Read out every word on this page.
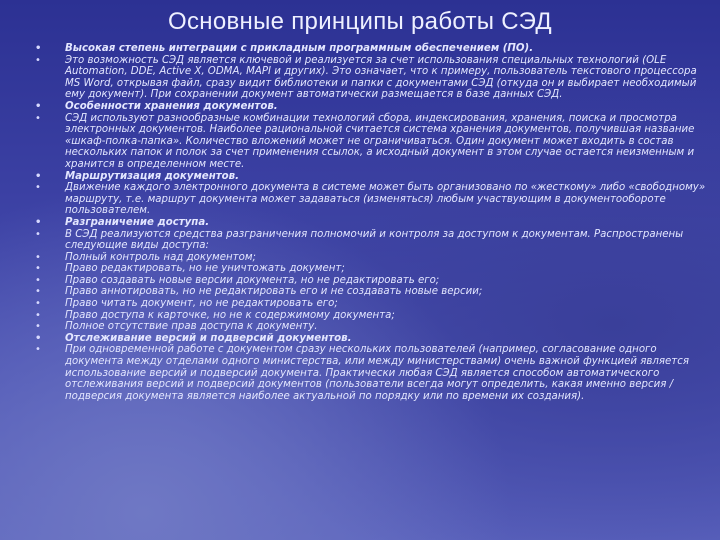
Основные принципы работы СЭД
• Высокая степень интеграции с прикладным программным обеспечением (ПО).
• Это возможность СЭД является ключевой и реализуется за счет использования специальных технологий (OLE Automation, DDE, Active X, ODMA, MAPI и других). Это означает, что к примеру, пользователь текстового процессора MS Word, открывая файл, сразу видит библиотеки и папки с документами СЭД (откуда он и выбирает необходимый ему документ). При сохранении документ автоматически размещается в базе данных СЭД.
• Особенности хранения документов.
• СЭД используют разнообразные комбинации технологий сбора, индексирования, хранения, поиска и просмотра электронных документов. Наиболее рациональной считается система хранения документов, получившая название «шкаф-полка-папка». Количество вложений может не ограничиваться. Один документ может входить в состав нескольких папок и полок за счет применения ссылок, а исходный документ в этом случае остается неизменным и хранится в определенном месте.
• Маршрутизация документов.
• Движение каждого электронного документа в системе может быть организовано по «жесткому» либо «свободному» маршруту, т.е. маршрут документа может задаваться (изменяться) любым участвующим в документообороте пользователем.
• Разграничение доступа.
• В СЭД реализуются средства разграничения полномочий и контроля за доступом к документам. Распространены следующие виды доступа:
• Полный контроль над документом;
• Право редактировать, но не уничтожать документ;
• Право создавать новые версии документа, но не редактировать его;
• Право аннотировать, но не редактировать его и не создавать новые версии;
• Право читать документ, но не редактировать его;
• Право доступа к карточке, но не к содержимому документа;
• Полное отсутствие прав доступа к документу.
• Отслеживание версий и подверсий документов.
• При одновременной работе с документом сразу нескольких пользователей (например, согласование одного документа между отделами одного министерства, или между министерствами) очень важной функцией является использование версий и подверсий документа. Практически любая СЭД является способом автоматического отслеживания версий и подверсий документов (пользователи всегда могут определить, какая именно версия / подверсия документа является наиболее актуальной по порядку или по времени их создания).
